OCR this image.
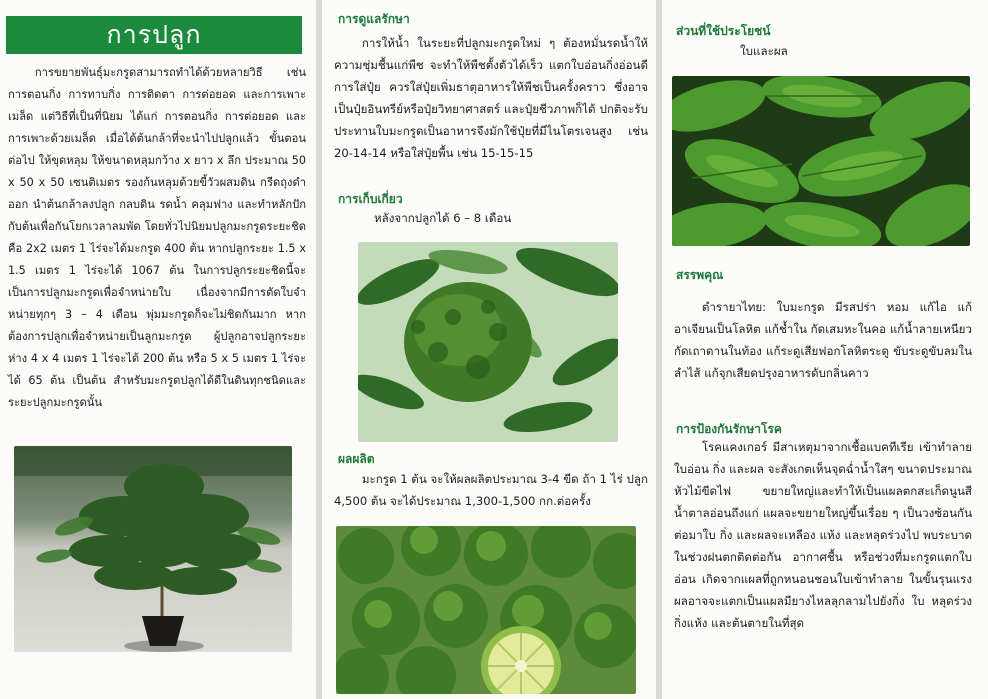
การปลูก

การขยายพันธุ์มะกรูดสามารถทำได้ด้วยหลายวิธี เช่น การตอนกิ่ง การทาบกิ่ง การติดตา การต่อยอด และการเพาะเมล็ด แต่วิธีที่เป็นที่นิยม ได้แก่ การตอนกิ่ง การต่อยอด และการเพาะด้วยเมล็ด เมื่อได้ต้นกล้าที่จะนำไปปลูกแล้ว ขั้นตอนต่อไป ให้ขุดหลุม ให้ขนาดหลุมกว้าง x ยาว x ลึก ประมาณ 50 x 50 x 50 เซนติเมตร รองก้นหลุมด้วยขี้วัวผสมดิน กรีดถุงดำออก นำต้นกล้าลงปลูก กลบดิน รดน้ำ คลุมฟาง และทำหลักปักกับต้นเพื่อกันโยกเวลาลมพัด โดยทั่วไปนิยมปลูกมะกรูดระยะชิด คือ 2x2 เมตร 1 ไร่จะได้มะกรูด 400 ต้น หากปลูกระยะ 1.5 x 1.5 เมตร 1 ไร่จะได้ 1067 ต้น ในการปลูกระยะชิดนี้จะเป็นการปลูกมะกรูดเพื่อจำหน่ายใบ เนื่องจากมีการตัดใบจำหน่ายทุกๆ 3 – 4 เดือน พุ่มมะกรูดก็จะไม่ชิดกันมาก หากต้องการปลูกเพื่อจำหน่ายเป็นลูกมะกรูด ผู้ปลูกอาจปลูกระยะห่าง 4 x 4 เมตร 1 ไร่จะได้ 200 ต้น หรือ 5 x 5 เมตร 1 ไร่จะได้ 65 ต้น เป็นต้น สำหรับมะกรูดปลูกได้ดีในดินทุกชนิดและระยะปลูกมะกรูดนั้น

การดูแลรักษา

การให้น้ำ ในระยะที่ปลูกมะกรูดใหม่ ๆ ต้องหมั่นรดน้ำให้ความชุ่มชื้นแก่พืช จะทำให้พืชตั้งตัวได้เร็ว แตกใบอ่อนกิ่งอ่อนดีการใส่ปุ๋ย ควรใส่ปุ๋ยเพิ่มธาตุอาหารให้พืชเป็นครั้งคราว ซึ่งอาจเป็นปุ๋ยอินทรีย์หรือปุ๋ยวิทยาศาสตร์ และปุ๋ยชีวภาพก็ได้ ปกติจะรับประทานใบมะกรูดเป็นอาหารจึงมักใช้ปุ๋ยที่มีไนโตรเจนสูง เช่น 20-14-14 หรือใส่ปุ๋ยพื้น เช่น 15-15-15

การเก็บเกี่ยว

หลังจากปลูกได้ 6 – 8 เดือน

ผลผลิต

มะกรูด 1 ต้น จะให้ผลผลิตประมาณ 3-4 ขีด ถ้า 1 ไร่ ปลูก 4,500 ต้น จะได้ประมาณ 1,300-1,500 กก.ต่อครั้ง

ส่วนที่ใช้ประโยชน์

ใบและผล

สรรพคุณ

ตำรายาไทย: ใบมะกรูด มีรสปร่า หอม แก้ไอ แก้อาเจียนเป็นโลหิต แก้ช้ำใน กัดเสมหะในคอ แก้น้ำลายเหนียว กัดเถาดานในท้อง แก้ระดูเสียฟอกโลหิตระดู ขับระดูขับลมในลำไส้ แก้จุกเสียดปรุงอาหารดับกลิ่นคาว

การป้องกันรักษาโรค

โรคแคงเกอร์ มีสาเหตุมาจากเชื้อแบคทีเรีย เข้าทำลายใบอ่อน กิ่ง และผล จะสังเกตเห็นจุดฉ่ำน้ำใสๆ ขนาดประมาณหัวไม้ขีดไฟ ขยายใหญ่และทำให้เป็นแผลตกสะเก็ดนูนสีน้ำตาลอ่อนถึงแก่ แผลจะขยายใหญ่ขึ้นเรื่อย ๆ เป็นวงซ้อนกัน ต่อมาใบ กิ่ง และผลจะเหลือง แห้ง และหลุดร่วงไป พบระบาดในช่วงฝนตกติดต่อกัน อากาศชื้น หรือช่วงที่มะกรูดแตกใบอ่อน เกิดจากแผลที่ถูกหนอนชอนใบเข้าทำลาย ในขั้นรุนแรง ผลอาจจะแตกเป็นแผลมียางไหลลุกลามไปยังกิ่ง ใบ หลุดร่วง กิ่งแห้ง และต้นตายในที่สุด
